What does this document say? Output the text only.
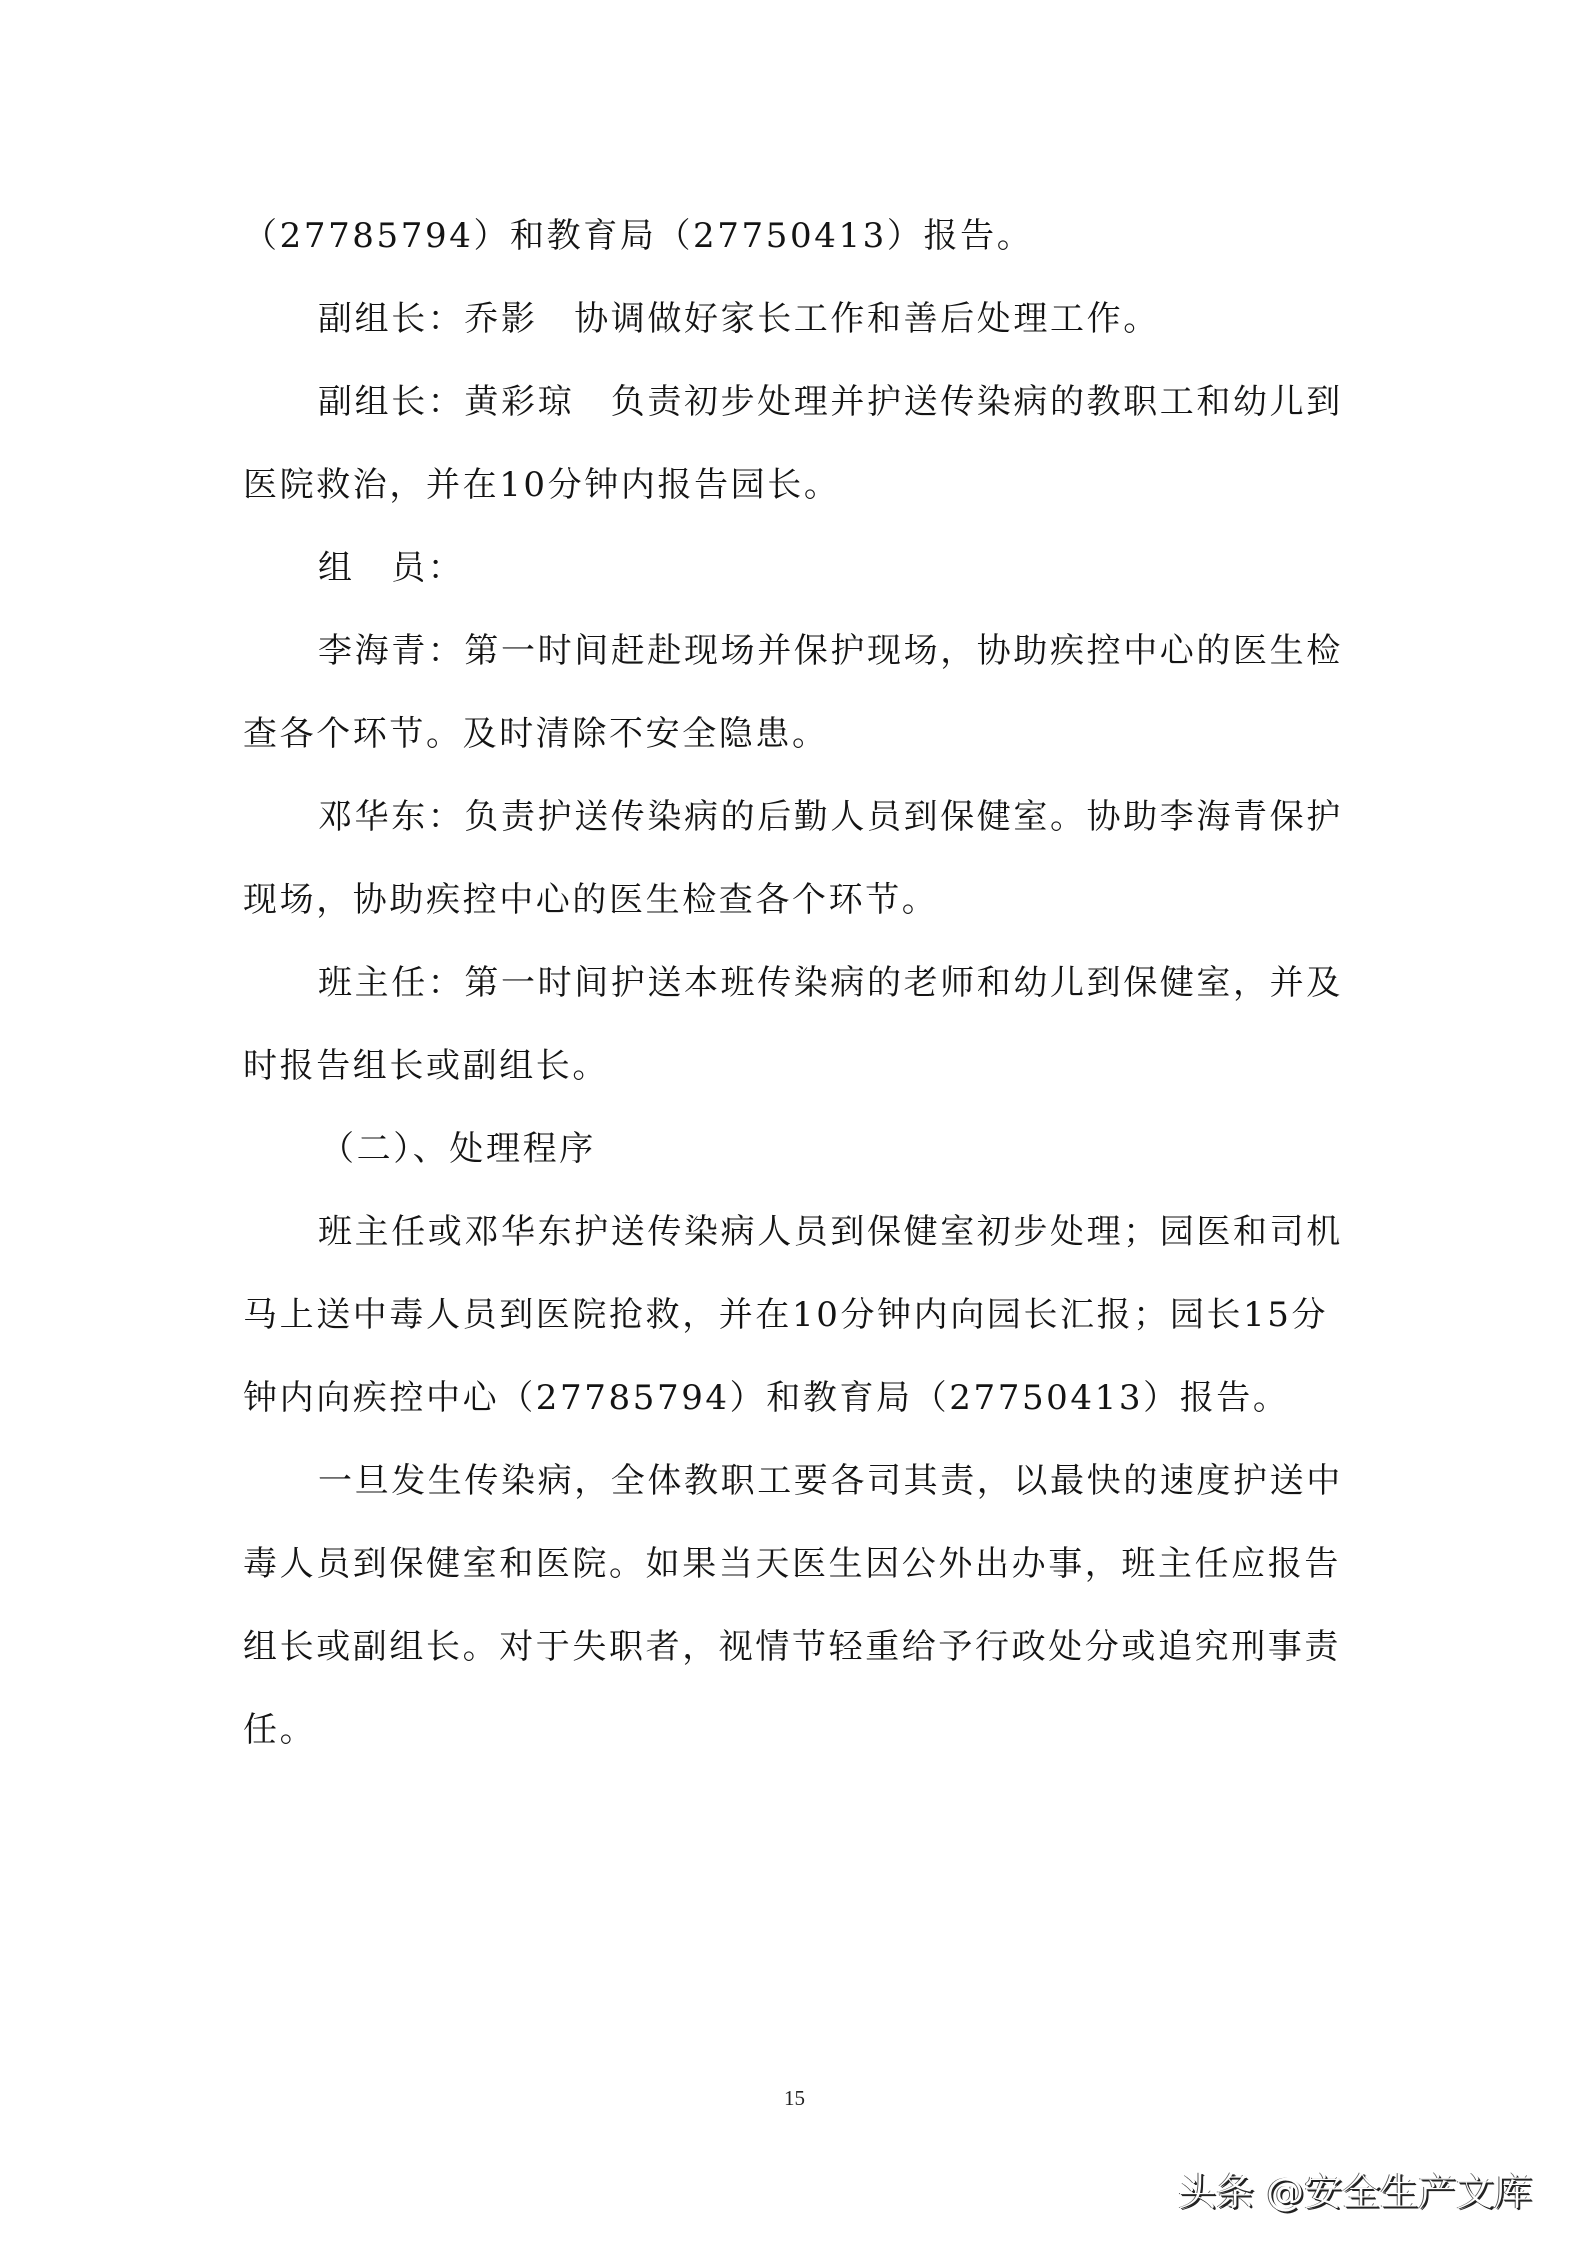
（27785794）和教育局（27750413）报告。
副组长：乔影　协调做好家长工作和善后处理工作。
副组长：黄彩琼　负责初步处理并护送传染病的教职工和幼儿到
医院救治，并在10分钟内报告园长。
组　员：
李海青：第一时间赶赴现场并保护现场，协助疾控中心的医生检
查各个环节。及时清除不安全隐患。
邓华东：负责护送传染病的后勤人员到保健室。协助李海青保护
现场，协助疾控中心的医生检查各个环节。
班主任：第一时间护送本班传染病的老师和幼儿到保健室，并及
时报告组长或副组长。
（二）、处理程序
班主任或邓华东护送传染病人员到保健室初步处理；园医和司机
马上送中毒人员到医院抢救，并在10分钟内向园长汇报；园长15分
钟内向疾控中心（27785794）和教育局（27750413）报告。
一旦发生传染病，全体教职工要各司其责，以最快的速度护送中
毒人员到保健室和医院。如果当天医生因公外出办事，班主任应报告
组长或副组长。对于失职者，视情节轻重给予行政处分或追究刑事责
任。
15
头条 @安全生产文库
